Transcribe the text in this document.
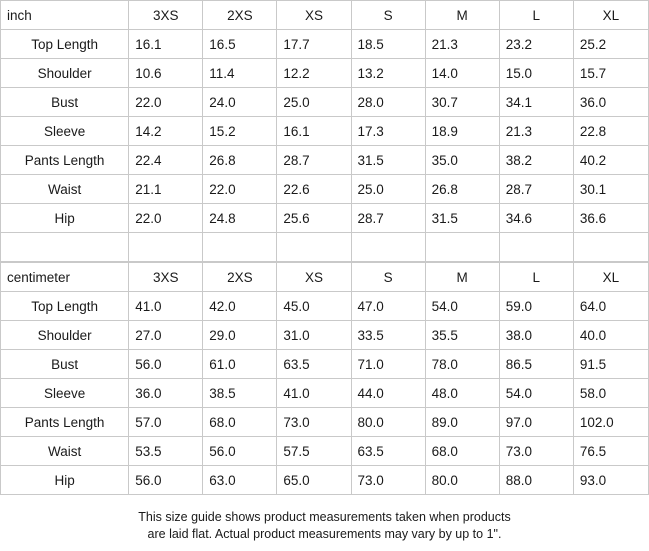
inch	3XS	2XS	XS	S	M	L	XL
Top Length	16.1	16.5	17.7	18.5	21.3	23.2	25.2
Shoulder	10.6	11.4	12.2	13.2	14.0	15.0	15.7
Bust	22.0	24.0	25.0	28.0	30.7	34.1	36.0
Sleeve	14.2	15.2	16.1	17.3	18.9	21.3	22.8
Pants Length	22.4	26.8	28.7	31.5	35.0	38.2	40.2
Waist	21.1	22.0	22.6	25.0	26.8	28.7	30.1
Hip	22.0	24.8	25.6	28.7	31.5	34.6	36.6

centimeter	3XS	2XS	XS	S	M	L	XL
Top Length	41.0	42.0	45.0	47.0	54.0	59.0	64.0
Shoulder	27.0	29.0	31.0	33.5	35.5	38.0	40.0
Bust	56.0	61.0	63.5	71.0	78.0	86.5	91.5
Sleeve	36.0	38.5	41.0	44.0	48.0	54.0	58.0
Pants Length	57.0	68.0	73.0	80.0	89.0	97.0	102.0
Waist	53.5	56.0	57.5	63.5	68.0	73.0	76.5
Hip	56.0	63.0	65.0	73.0	80.0	88.0	93.0
This size guide shows product measurements taken when products
are laid flat. Actual product measurements may vary by up to 1".
